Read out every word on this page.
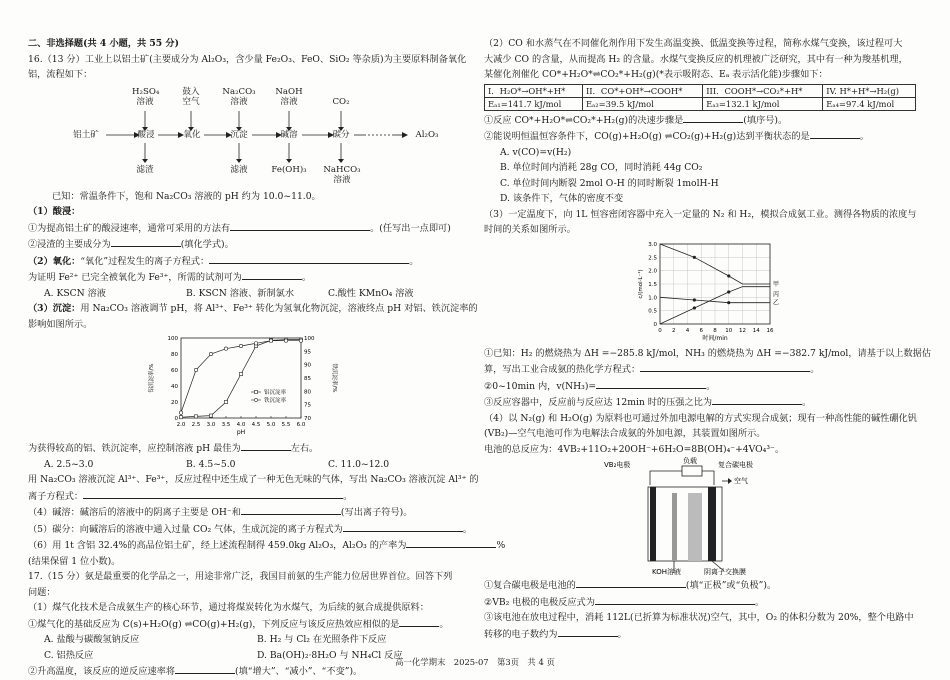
二、非选择题(共 4 小题，共 55 分)
16.（13 分）工业上以铝土矿(主要成分为 Al₂O₃，含少量 Fe₂O₃、FeO、SiO₂ 等杂质)为主要原料制备氧化
铝，流程如下：
H₂SO₄
溶液
鼓入
空气
Na₂CO₃
溶液
NaOH
溶液	CO₂
铝土矿	酸浸	氧化	沉淀	碱溶	碳分	Al₂O₃
滤渣	滤液	Fe(OH)₃ NaHCO₃
溶液
已知：常温条件下，饱和 Na₂CO₃ 溶液的 pH 约为 10.0~11.0。
（1）酸浸：
①为提高铝土矿的酸浸速率，通常可采用的方法有	。(任写出一点即可)
②浸渣的主要成分为	(填化学式)。
（2）氧化：“氧化”过程发生的离子方程式：	。
为证明 Fe²⁺ 已完全被氧化为 Fe³⁺，所需的试剂可为	。
A. KSCN 溶液	B. KSCN 溶液、新制氯水	C.酸性 KMnO₄ 溶液
（3）沉淀：用 Na₂CO₃ 溶液调节 pH，将 Al³⁺、Fe³⁺ 转化为氢氧化物沉淀，溶液终点 pH 对铝、铁沉淀率的
影响如图所示。
2.0 2.5 3.0 3.5 4.0 4.5 5.0 5.5 6.0
0
20
40
60
80
100
70
75
80
85
90
95
100
pH
铝沉淀率/%	铁沉淀率/%
铝沉淀率
铁沉淀率
为获得较高的铝、铁沉淀率，应控制溶液 pH 最佳为	左右。
A. 2.5~3.0	B. 4.5~5.0	C. 11.0~12.0
用 Na₂CO₃ 溶液沉淀 Al³⁺、Fe³⁺，反应过程中还生成了一种无色无味的气体，写出 Na₂CO₃ 溶液沉淀 Al³⁺ 的
离子方程式：	。
（4）碱溶：碱溶后的溶液中的阴离子主要是 OH⁻和	(写出离子符号)。
（5）碳分：向碱溶后的溶液中通入过量 CO₂ 气体，生成沉淀的离子方程式为	。
（6）用 1t 含铝 32.4%的高品位铝土矿，经上述流程制得 459.0kg Al₂O₃，Al₂O₃ 的产率为	%
(结果保留 1 位小数)。
17.（15 分）氨是最重要的化学品之一，用途非常广泛，我国目前氨的生产能力位居世界首位。回答下列
问题：
（1）煤气化技术是合成氨生产的核心环节，通过将煤炭转化为水煤气，为后续的氨合成提供原料：
①煤气化的基础反应为 C(s)+H₂O(g) ⇌CO(g)+H₂(g)，下列反应与该反应热效应相似的是	。
A. 盐酸与碳酸氢钠反应	B. H₂ 与 Cl₂ 在光照条件下反应
C. 铝热反应	D. Ba(OH)₂·8H₂O 与 NH₄Cl 反应
②升高温度，该反应的逆反应速率将	(填“增大”、“减小”、“不变”)。
（2）CO 和水蒸气在不同催化剂作用下发生高温变换、低温变换等过程，简称水煤气变换，该过程可大
大减少 CO 的含量，从而提高 H₂ 的含量。水煤气变换反应的机理被广泛研究，其中有一种为羧基机理，
某催化剂催化 CO*+H₂O*⇌CO₂*+H₂(g)(*表示吸附态、Eₐ 表示活化能)步骤如下：
I．H₂O*→OH*+H*	II．CO*+OH*→COOH*	III．COOH*→CO₂*+H*	IV. H*+H*→H₂(g)
Eₐ₁=141.7 kJ/mol	Eₐ₂=39.5 kJ/mol	Eₐ₃=132.1 kJ/mol	Eₐ₄=97.4 kJ/mol
①反应 CO*+H₂O*⇌CO₂*+H₂(g)的决速步骤是	(填序号)。
②能说明恒温恒容条件下，CO(g)+H₂O(g) ⇌CO₂(g)+H₂(g)达到平衡状态的是	。
A. v(CO)=v(H₂)
B. 单位时间内消耗 28g CO，同时消耗 44g CO₂
C. 单位时间内断裂 2mol O-H 的同时断裂 1molH-H
D. 该条件下，气体的密度不变
（3）一定温度下，向 1L 恒容密闭容器中充入一定量的 N₂ 和 H₂，模拟合成氨工业。测得各物质的浓度与
时间的关系如图所示。
0 2 4 6 8 10 12 14 16
0
0.5
1.0
1.5
2.0
2.5
3.0
时间/min
c/(mol·L⁻¹)	甲
乙
丙
①已知：H₂ 的燃烧热为 ΔH =−285.8 kJ/mol，NH₃ 的燃烧热为 ΔH =−382.7 kJ/mol，请基于以上数据估
算，写出工业合成氨的热化学方程式：	。
②0~10min 内，v(NH₃)=	。
③反应容器中，反应前与反应达 12min 时的压强之比为	。
（4）以 N₂(g) 和 H₂O(g) 为原料也可通过外加电源电解的方式实现合成氨；现有一种高性能的碱性硼化钒
(VB₂)—空气电池可作为电解法合成氨的外加电源，其装置如图所示。
电池的总反应为：4VB₂+11O₂+20OH⁻+6H₂O=8B(OH)₄⁻+4VO₄³⁻。
VB₂电极	负载	复合碳电极
空气
KOH溶液	阴离子交换膜
①复合碳电极是电池的	(填“正极”或“负极”)。
②VB₂ 电极的电极反应式为	。
③该电池在放电过程中，消耗 112L(已折算为标准状况)空气，其中，O₂ 的体积分数为 20%，整个电路中
转移的电子数约为	。
高一化学期末　2025-07　第3页　共 4 页
